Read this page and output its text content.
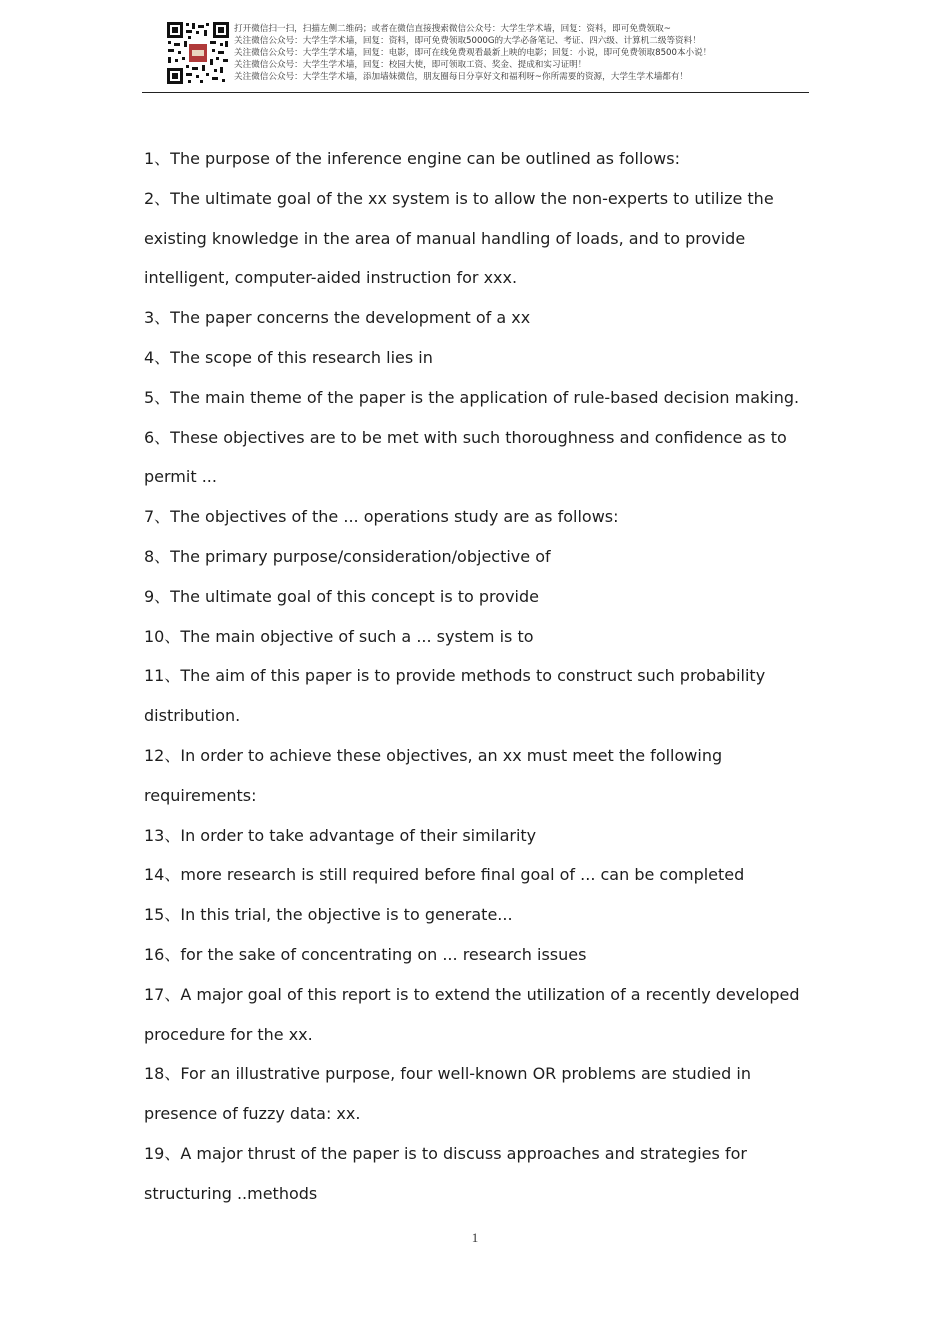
打开微信扫一扫，扫描左侧二维码；或者在微信直接搜索微信公众号：大学生学术墙，回复：资料，即可免费领取~
关注微信公众号：大学生学术墙，回复：资料，即可免费领取5000G的大学必备笔记、考证、四六级、计算机二级等资料！
关注微信公众号：大学生学术墙，回复：电影，即可在线免费观看最新上映的电影；回复：小说，即可免费领取8500本小说！
关注微信公众号：大学生学术墙，回复：校园大使，即可领取工资、奖金、提成和实习证明！
关注微信公众号：大学生学术墙，添加墙妹微信，朋友圈每日分享好文和福利呀~你所需要的资源，大学生学术墙都有！
1、The purpose of the inference engine can be outlined as follows:
2、The ultimate goal of the xx system is to allow the non-experts to utilize the
existing knowledge in the area of manual handling of loads, and to provide
intelligent, computer-aided instruction for xxx.
3、The paper concerns the development of a xx
4、The scope of this research lies in
5、The main theme of the paper is the application of rule-based decision making.
6、These objectives are to be met with such thoroughness and confidence as to
permit ...
7、The objectives of the ... operations study are as follows:
8、The primary purpose/consideration/objective of
9、The ultimate goal of this concept is to provide
10、The main objective of such a ... system is to
11、The aim of this paper is to provide methods to construct such probability
distribution.
12、In order to achieve these objectives, an xx must meet the following
requirements:
13、In order to take advantage of their similarity
14、more research is still required before final goal of ... can be completed
15、In this trial, the objective is to generate...
16、for the sake of concentrating on ... research issues
17、A major goal of this report is to extend the utilization of a recently developed
procedure for the xx.
18、For an illustrative purpose, four well-known OR problems are studied in
presence of fuzzy data: xx.
19、A major thrust of the paper is to discuss approaches and strategies for
structuring ..methods
1
